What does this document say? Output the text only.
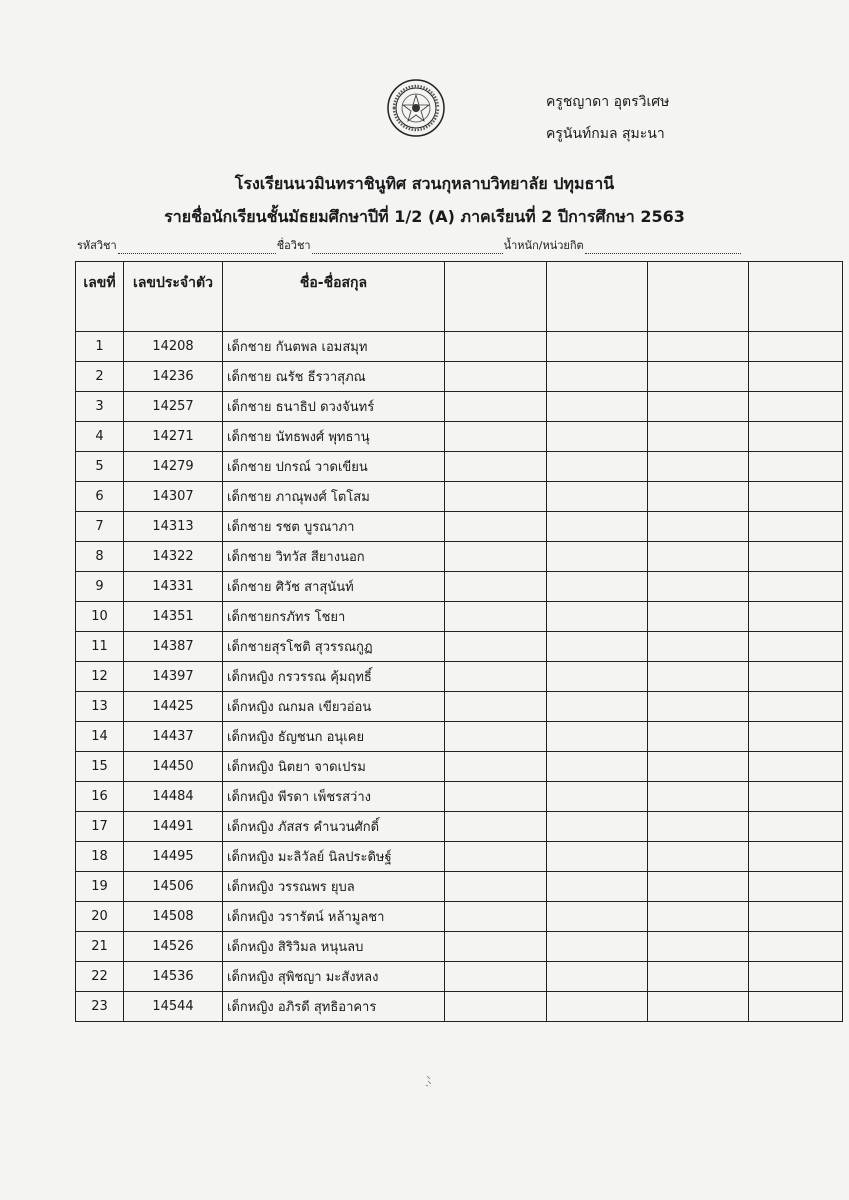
ครูชญาดา อุตรวิเศษ
ครูนันท์กมล สุมะนา
โรงเรียนนวมินทราชินูทิศ สวนกุหลาบวิทยาลัย ปทุมธานี
รายชื่อนักเรียนชั้นมัธยมศึกษาปีที่ 1/2 (A) ภาคเรียนที่ 2 ปีการศึกษา 2563
รหัสวิชา	ชื่อวิชา	น้ำหนัก/หน่วยกิต
เลขที่	เลขประจำตัว	ชื่อ-ชื่อสกุล				
1	14208	เด็กชาย กันตพล เอมสมุท				
2	14236	เด็กชาย ณรัช ธีรวาสุภณ				
3	14257	เด็กชาย ธนาธิป ดวงจันทร์				
4	14271	เด็กชาย นัทธพงศ์ พุทธานุ				
5	14279	เด็กชาย ปกรณ์ วาดเขียน				
6	14307	เด็กชาย ภาณุพงศ์ โตโสม				
7	14313	เด็กชาย รชต บูรณาภา				
8	14322	เด็กชาย วิทวัส สียางนอก				
9	14331	เด็กชาย ศิวัช สาสุนันท์				
10	14351	เด็กชายกรภัทร โชยา				
11	14387	เด็กชายสุรโชติ สุวรรณกูฏ				
12	14397	เด็กหญิง กรวรรณ คุ้มฤทธิ์				
13	14425	เด็กหญิง ณกมล เขียวอ่อน				
14	14437	เด็กหญิง ธัญชนก อนุเคย				
15	14450	เด็กหญิง นิตยา จาดเปรม				
16	14484	เด็กหญิง พีรดา เพ็ชรสว่าง				
17	14491	เด็กหญิง ภัสสร คำนวนศักดิ์				
18	14495	เด็กหญิง มะลิวัลย์ นิลประดิษฐ์				
19	14506	เด็กหญิง วรรณพร ยุบล				
20	14508	เด็กหญิง วรารัตน์ หล้ามูลชา				
21	14526	เด็กหญิง สิริวิมล หนุนลบ				
22	14536	เด็กหญิง สุพิชญา มะสังหลง				
23	14544	เด็กหญิง อภิรดี สุทธิอาคาร				
